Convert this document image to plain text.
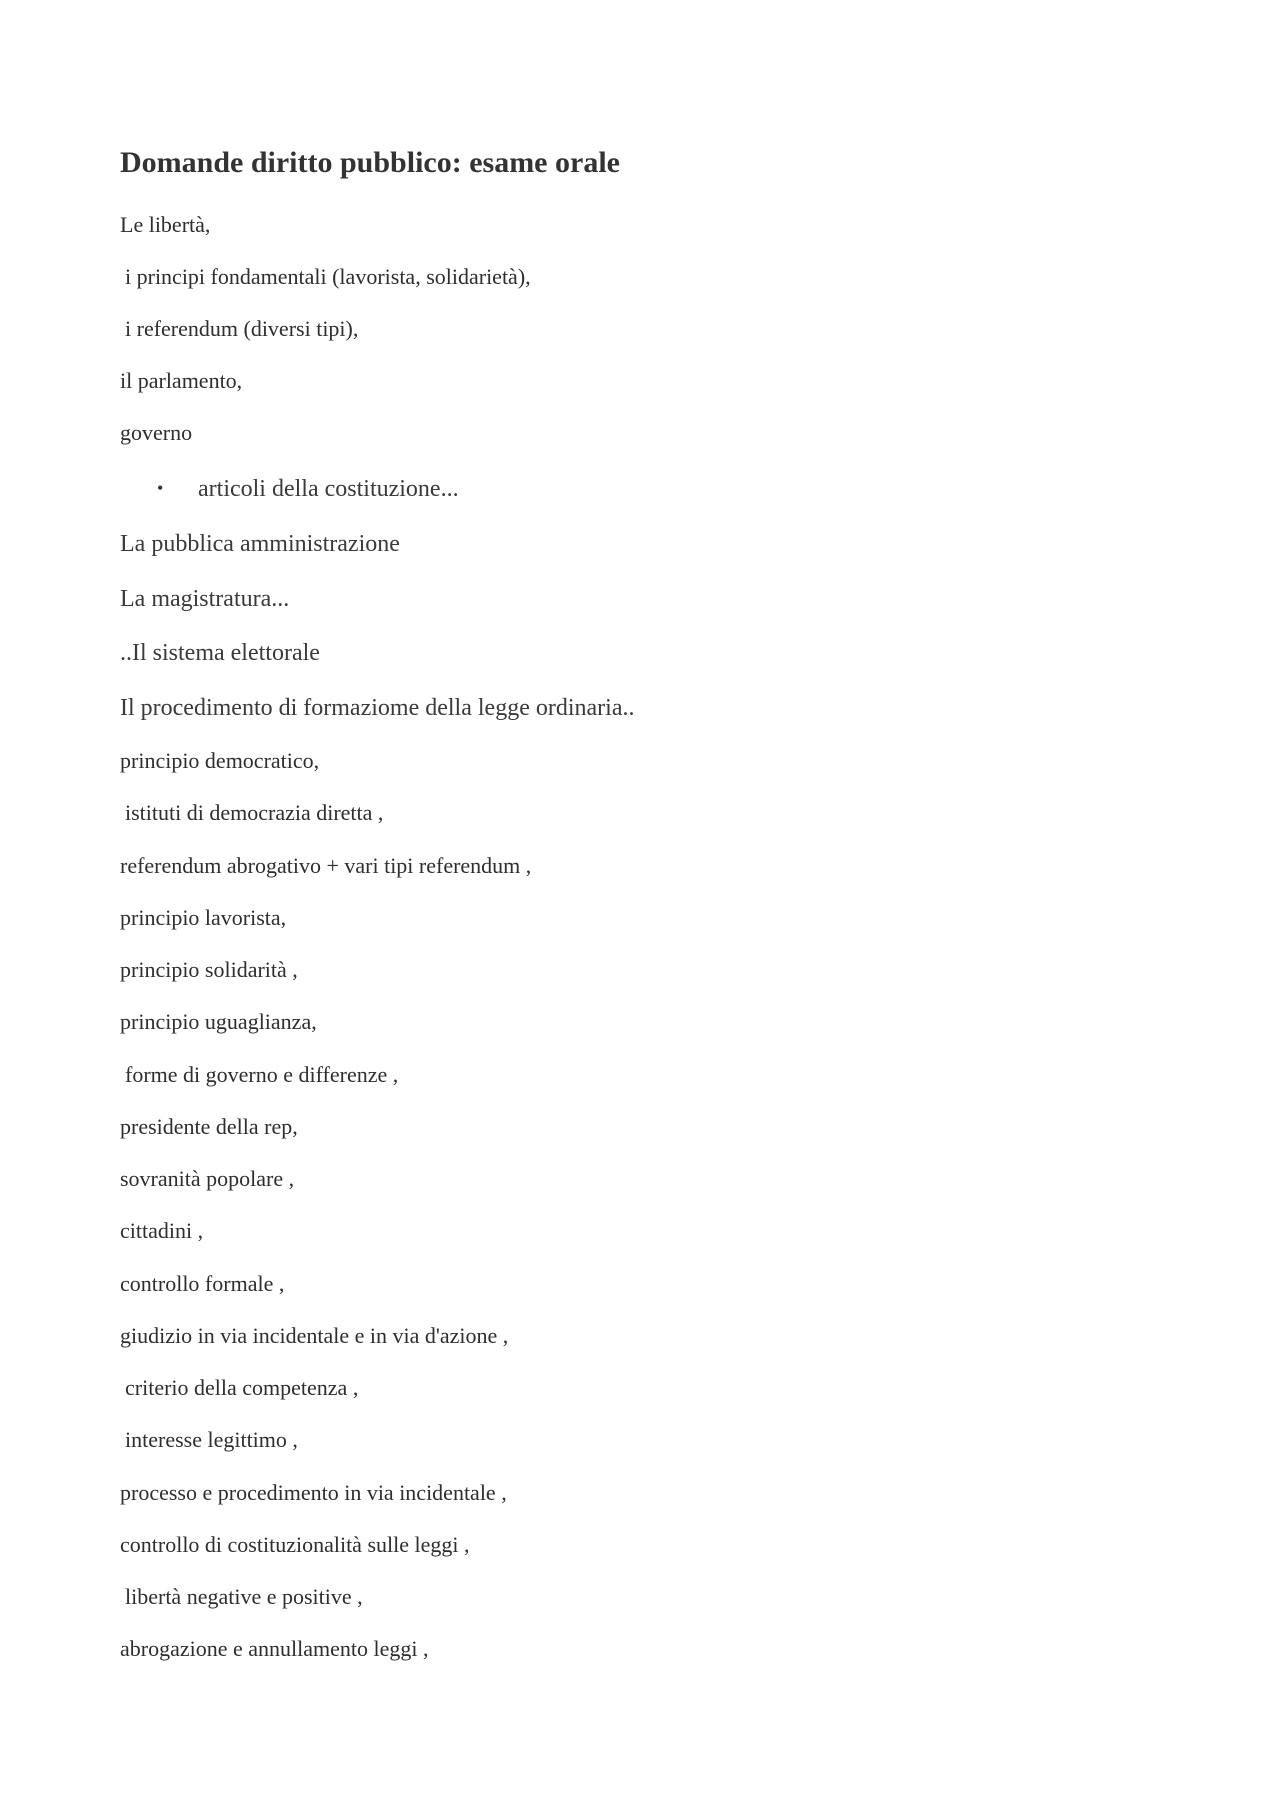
Domande diritto pubblico: esame orale
Le libertà,
i principi fondamentali (lavorista, solidarietà),
i referendum (diversi tipi),
il parlamento,
governo
• articoli della costituzione...
La pubblica amministrazione
La magistratura...
..Il sistema elettorale
Il procedimento di formaziome della legge ordinaria..
principio democratico,
istituti di democrazia diretta ,
referendum abrogativo + vari tipi referendum ,
principio lavorista,
principio solidarità ,
principio uguaglianza,
forme di governo e differenze ,
presidente della rep,
sovranità popolare ,
cittadini ,
controllo formale ,
giudizio in via incidentale e in via d'azione ,
criterio della competenza ,
interesse legittimo ,
processo e procedimento in via incidentale ,
controllo di costituzionalità sulle leggi ,
libertà negative e positive ,
abrogazione e annullamento leggi ,
